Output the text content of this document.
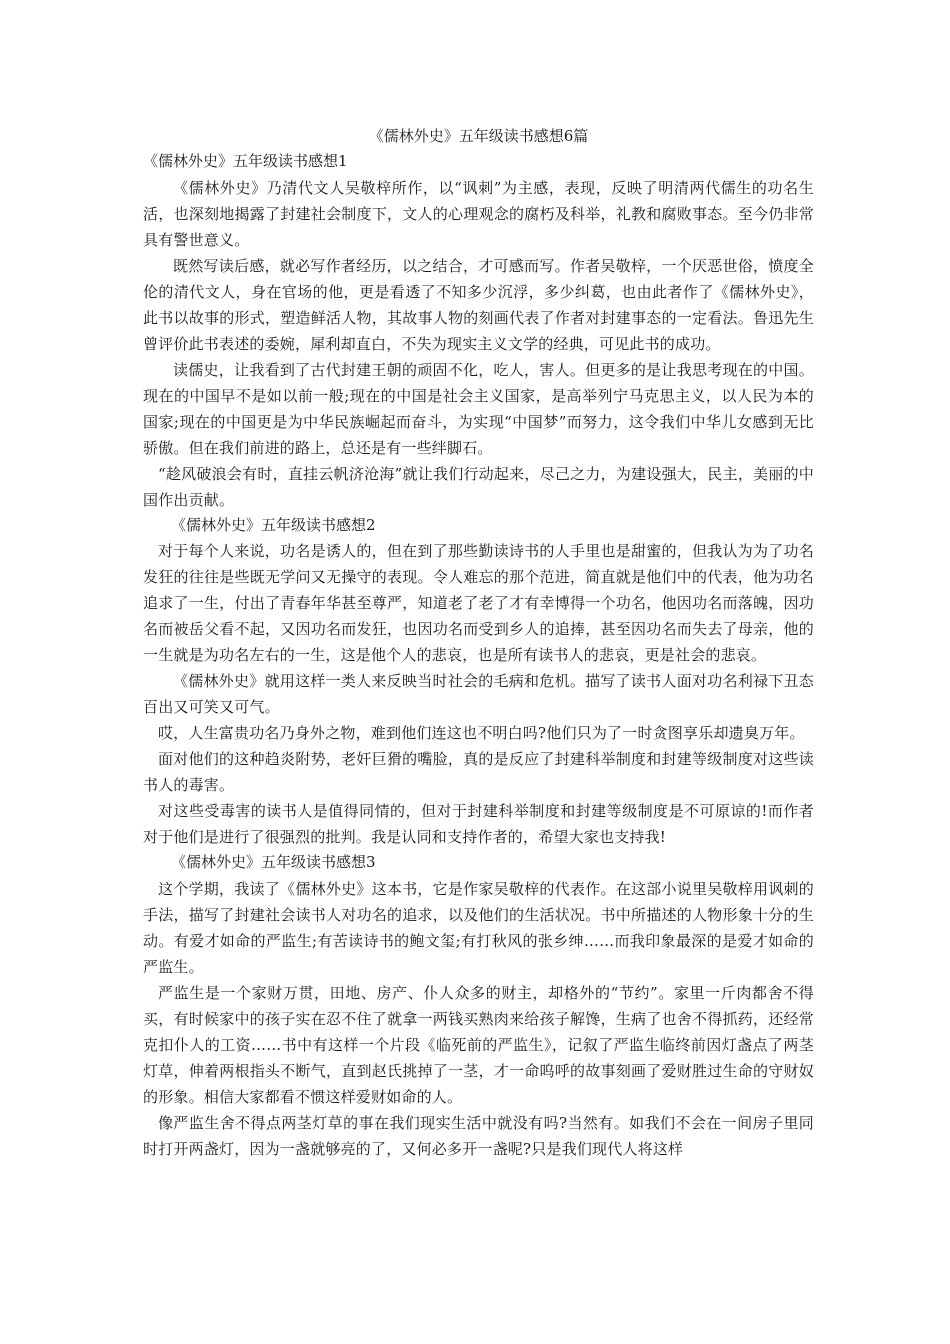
《儒林外史》五年级读书感想6篇
《儒林外史》五年级读书感想1

《儒林外史》乃清代文人吴敬梓所作，以“讽刺”为主感，表现，反映了明清两代儒生的功名生活，也深刻地揭露了封建社会制度下，文人的心理观念的腐朽及科举，礼教和腐败事态。至今仍非常具有警世意义。

既然写读后感，就必写作者经历，以之结合，才可感而写。作者吴敬梓，一个厌恶世俗，愤度全伦的清代文人，身在官场的他，更是看透了不知多少沉浮，多少纠葛，也由此者作了《儒林外史》，此书以故事的形式，塑造鲜活人物，其故事人物的刻画代表了作者对封建事态的一定看法。鲁迅先生曾评价此书表述的委婉，犀利却直白，不失为现实主义文学的经典，可见此书的成功。

读儒史，让我看到了古代封建王朝的顽固不化，吃人，害人。但更多的是让我思考现在的中国。现在的中国早不是如以前一般;现在的中国是社会主义国家，是高举列宁马克思主义，以人民为本的国家;现在的中国更是为中华民族崛起而奋斗，为实现“中国梦”而努力，这令我们中华儿女感到无比骄傲。但在我们前进的路上，总还是有一些绊脚石。

“趁风破浪会有时，直挂云帆济沧海”就让我们行动起来，尽己之力，为建设强大，民主，美丽的中国作出贡献。

《儒林外史》五年级读书感想2

对于每个人来说，功名是诱人的，但在到了那些勤读诗书的人手里也是甜蜜的，但我认为为了功名发狂的往往是些既无学问又无操守的表现。令人难忘的那个范进，简直就是他们中的代表，他为功名追求了一生，付出了青春年华甚至尊严，知道老了老了才有幸博得一个功名，他因功名而落魄，因功名而被岳父看不起，又因功名而发狂，也因功名而受到乡人的追捧，甚至因功名而失去了母亲，他的一生就是为功名左右的一生，这是他个人的悲哀，也是所有读书人的悲哀，更是社会的悲哀。

《儒林外史》就用这样一类人来反映当时社会的毛病和危机。描写了读书人面对功名利禄下丑态百出又可笑又可气。

哎，人生富贵功名乃身外之物，难到他们连这也不明白吗?他们只为了一时贪图享乐却遗臭万年。

面对他们的这种趋炎附势，老奸巨猾的嘴脸，真的是反应了封建科举制度和封建等级制度对这些读书人的毒害。

对这些受毒害的读书人是值得同情的，但对于封建科举制度和封建等级制度是不可原谅的!而作者对于他们是进行了很强烈的批判。我是认同和支持作者的，希望大家也支持我!

《儒林外史》五年级读书感想3

这个学期，我读了《儒林外史》这本书，它是作家吴敬梓的代表作。在这部小说里吴敬梓用讽刺的手法，描写了封建社会读书人对功名的追求，以及他们的生活状况。书中所描述的人物形象十分的生动。有爱才如命的严监生;有苦读诗书的鲍文玺;有打秋风的张乡绅……而我印象最深的是爱才如命的严监生。

严监生是一个家财万贯，田地、房产、仆人众多的财主，却格外的“节约”。家里一斤肉都舍不得买，有时候家中的孩子实在忍不住了就拿一两钱买熟肉来给孩子解馋，生病了也舍不得抓药，还经常克扣仆人的工资……书中有这样一个片段《临死前的严监生》，记叙了严监生临终前因灯盏点了两茎灯草，伸着两根指头不断气，直到赵氏挑掉了一茎，才一命呜呼的故事刻画了爱财胜过生命的守财奴的形象。相信大家都看不惯这样爱财如命的人。

像严监生舍不得点两茎灯草的事在我们现实生活中就没有吗?当然有。如我们不会在一间房子里同时打开两盏灯，因为一盏就够亮的了，又何必多开一盏呢?只是我们现代人将这样
